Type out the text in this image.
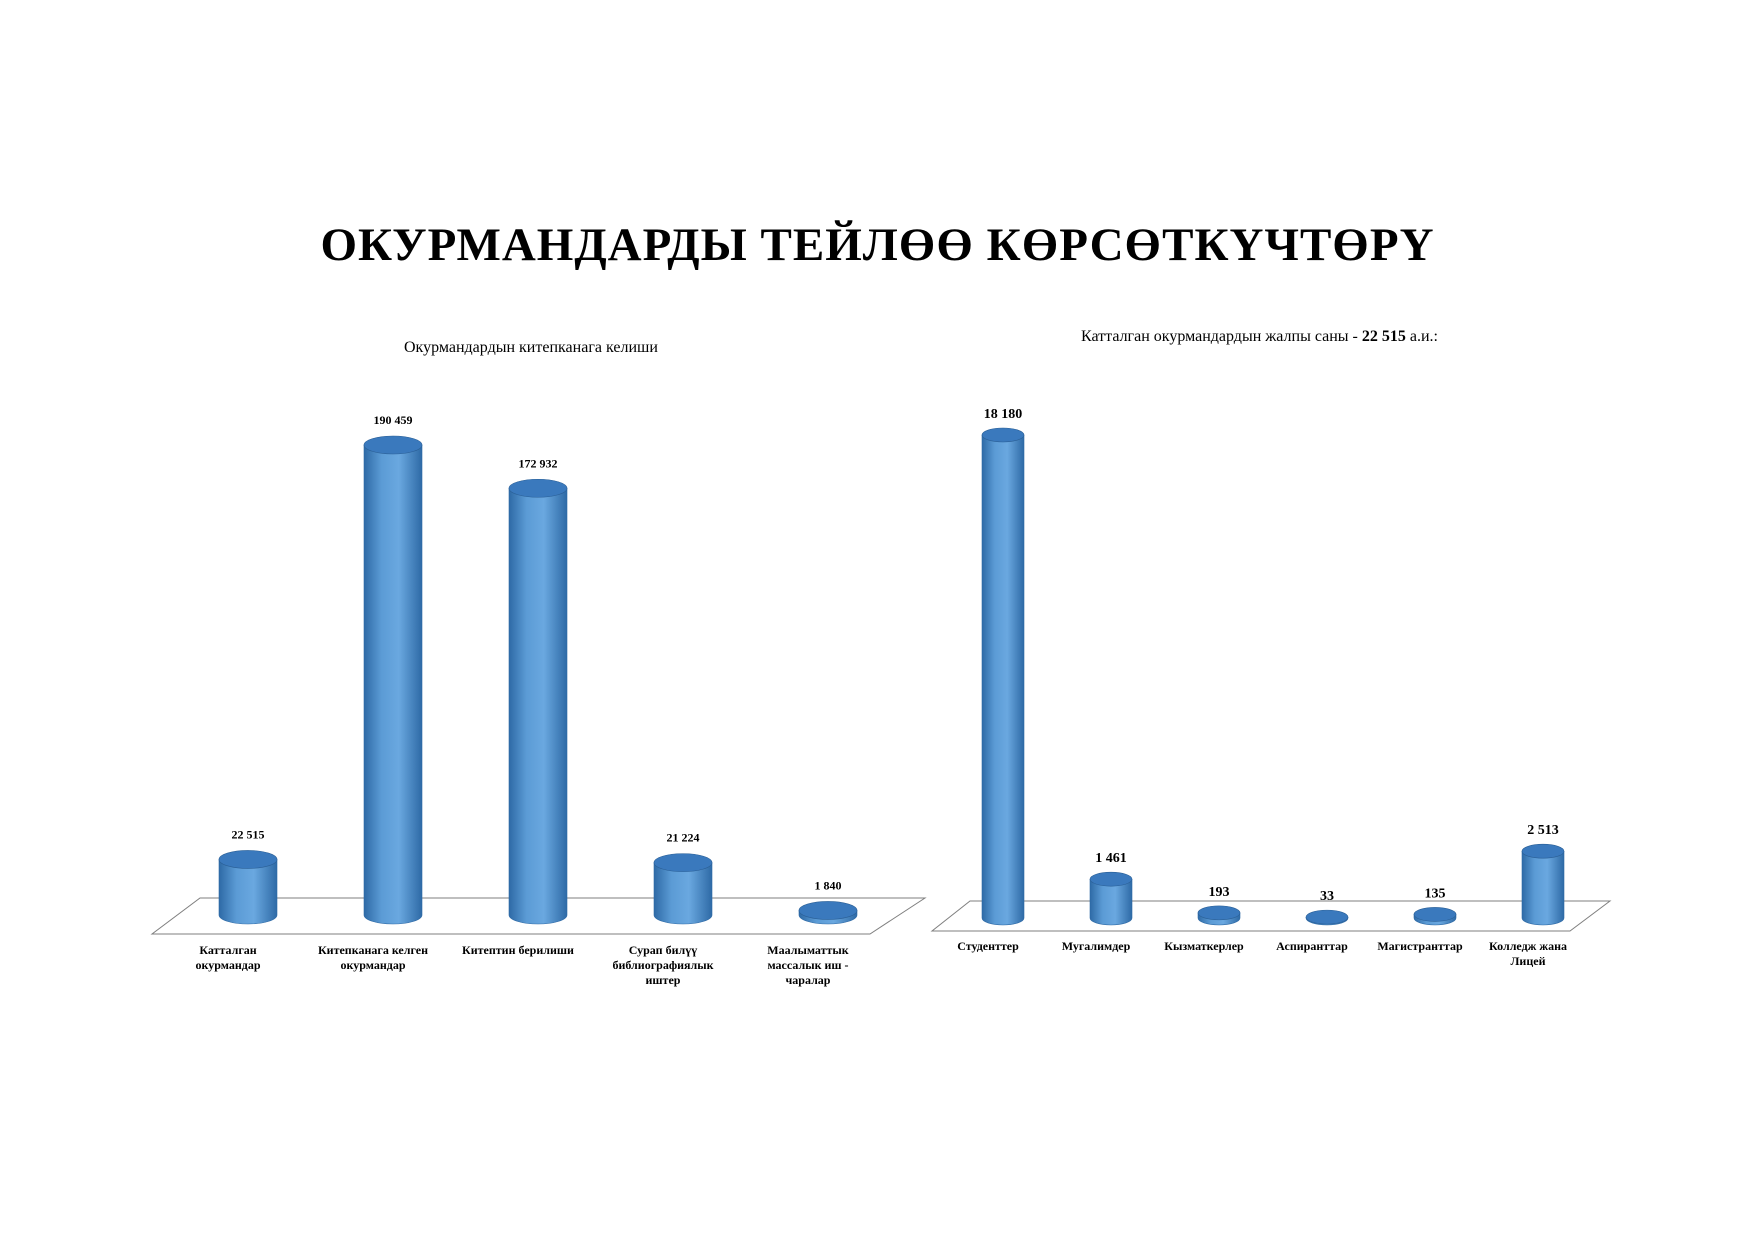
ОКУРМАНДАРДЫ ТЕЙЛӨӨ КӨРСӨТКҮЧТӨРҮ
Окурмандардын китепканага келиши
Катталган окурмандардын жалпы саны - 22 515 а.и.:
22 515
Катталган
окурмандар
190 459
Китепканага келген
окурмандар
172 932
Китептин берилиши
21 224
Сурап билүү
библиографиялык
иштер
1 840
Маалыматтык
массалык иш -
чаралар
18 180
Студенттер
1 461
Мугалимдер
193
Кызматкерлер
33
Аспиранттар
135
Магистранттар
2 513
Колледж жана
Лицей
